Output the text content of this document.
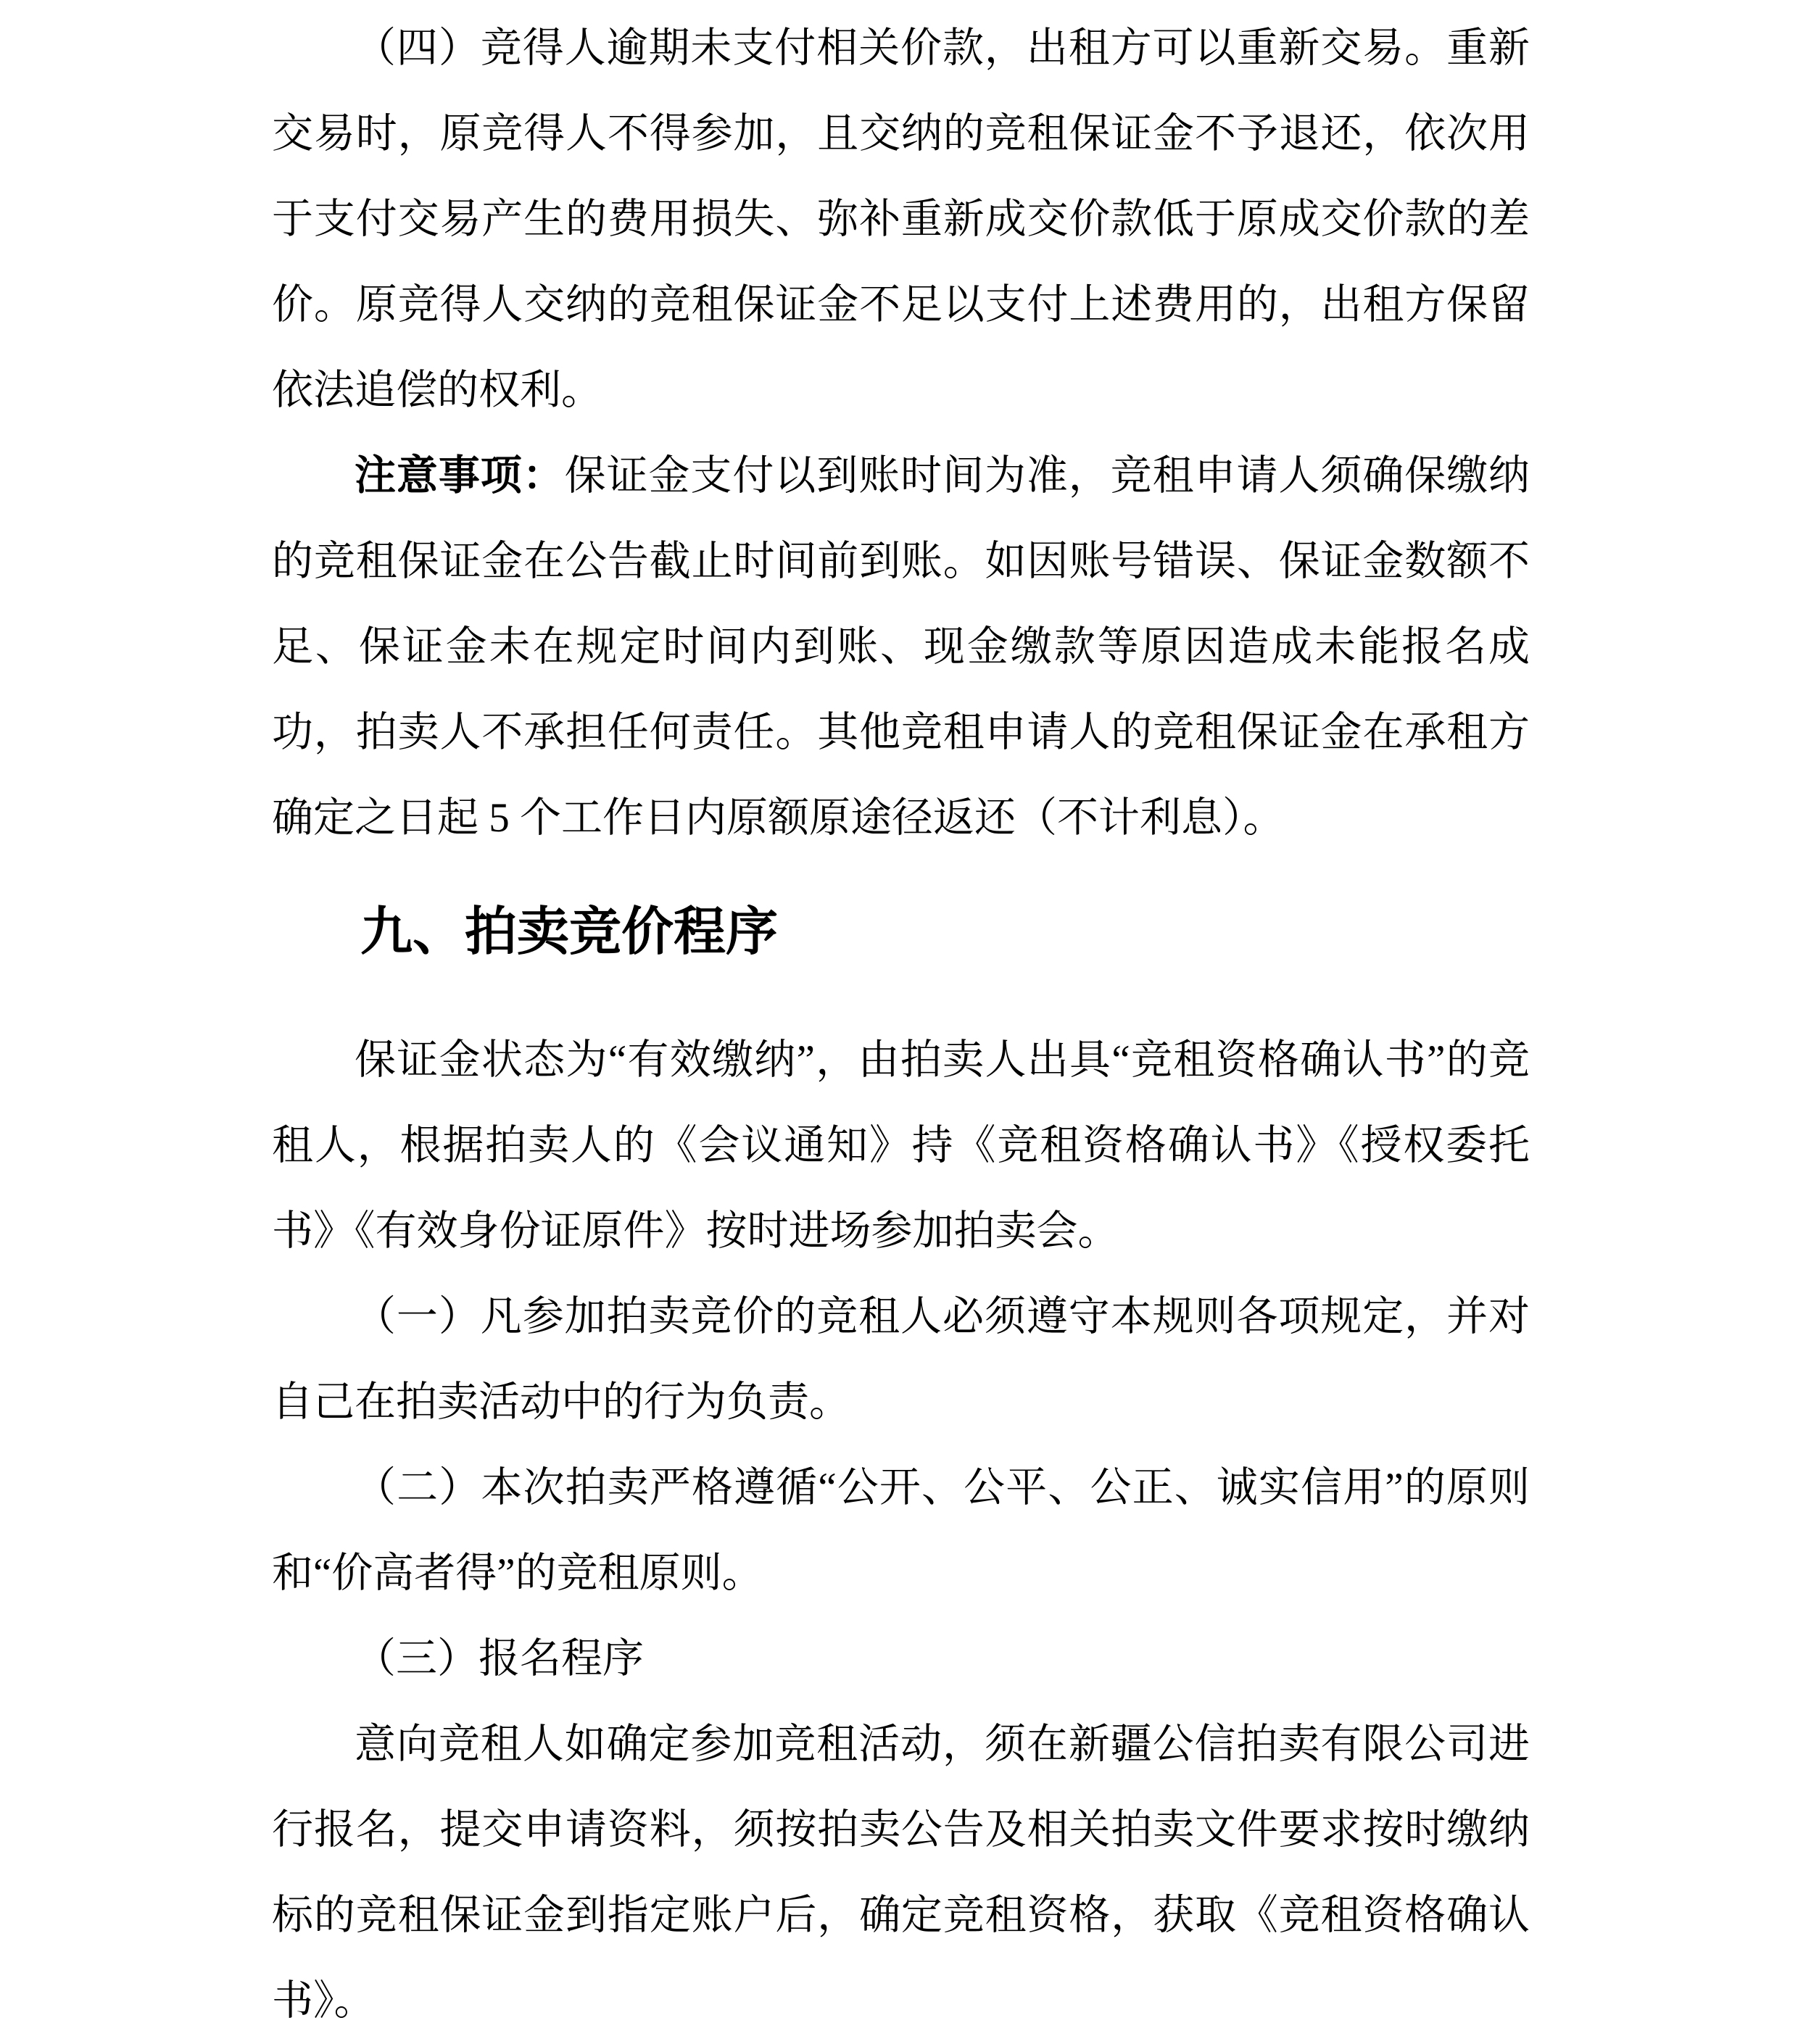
（四）竞得人逾期未支付相关价款，出租方可以重新交易。重新交易时，原竞得人不得参加，且交纳的竞租保证金不予退还，依次用于支付交易产生的费用损失、弥补重新成交价款低于原成交价款的差价。原竞得人交纳的竞租保证金不足以支付上述费用的，出租方保留依法追偿的权利。

注意事项：保证金支付以到账时间为准，竞租申请人须确保缴纳的竞租保证金在公告截止时间前到账。如因账号错误、保证金数额不足、保证金未在规定时间内到账、现金缴款等原因造成未能报名成功，拍卖人不承担任何责任。其他竞租申请人的竞租保证金在承租方确定之日起 5 个工作日内原额原途径返还（不计利息）。

九、拍卖竞价程序

保证金状态为“有效缴纳”，由拍卖人出具“竞租资格确认书”的竞租人，根据拍卖人的《会议通知》持《竞租资格确认书》《授权委托书》《有效身份证原件》按时进场参加拍卖会。

（一）凡参加拍卖竞价的竞租人必须遵守本规则各项规定，并对自己在拍卖活动中的行为负责。

（二）本次拍卖严格遵循“公开、公平、公正、诚实信用”的原则和“价高者得”的竞租原则。

（三）报名程序

意向竞租人如确定参加竞租活动，须在新疆公信拍卖有限公司进行报名，提交申请资料，须按拍卖公告及相关拍卖文件要求按时缴纳标的竞租保证金到指定账户后，确定竞租资格，获取《竞租资格确认书》。
